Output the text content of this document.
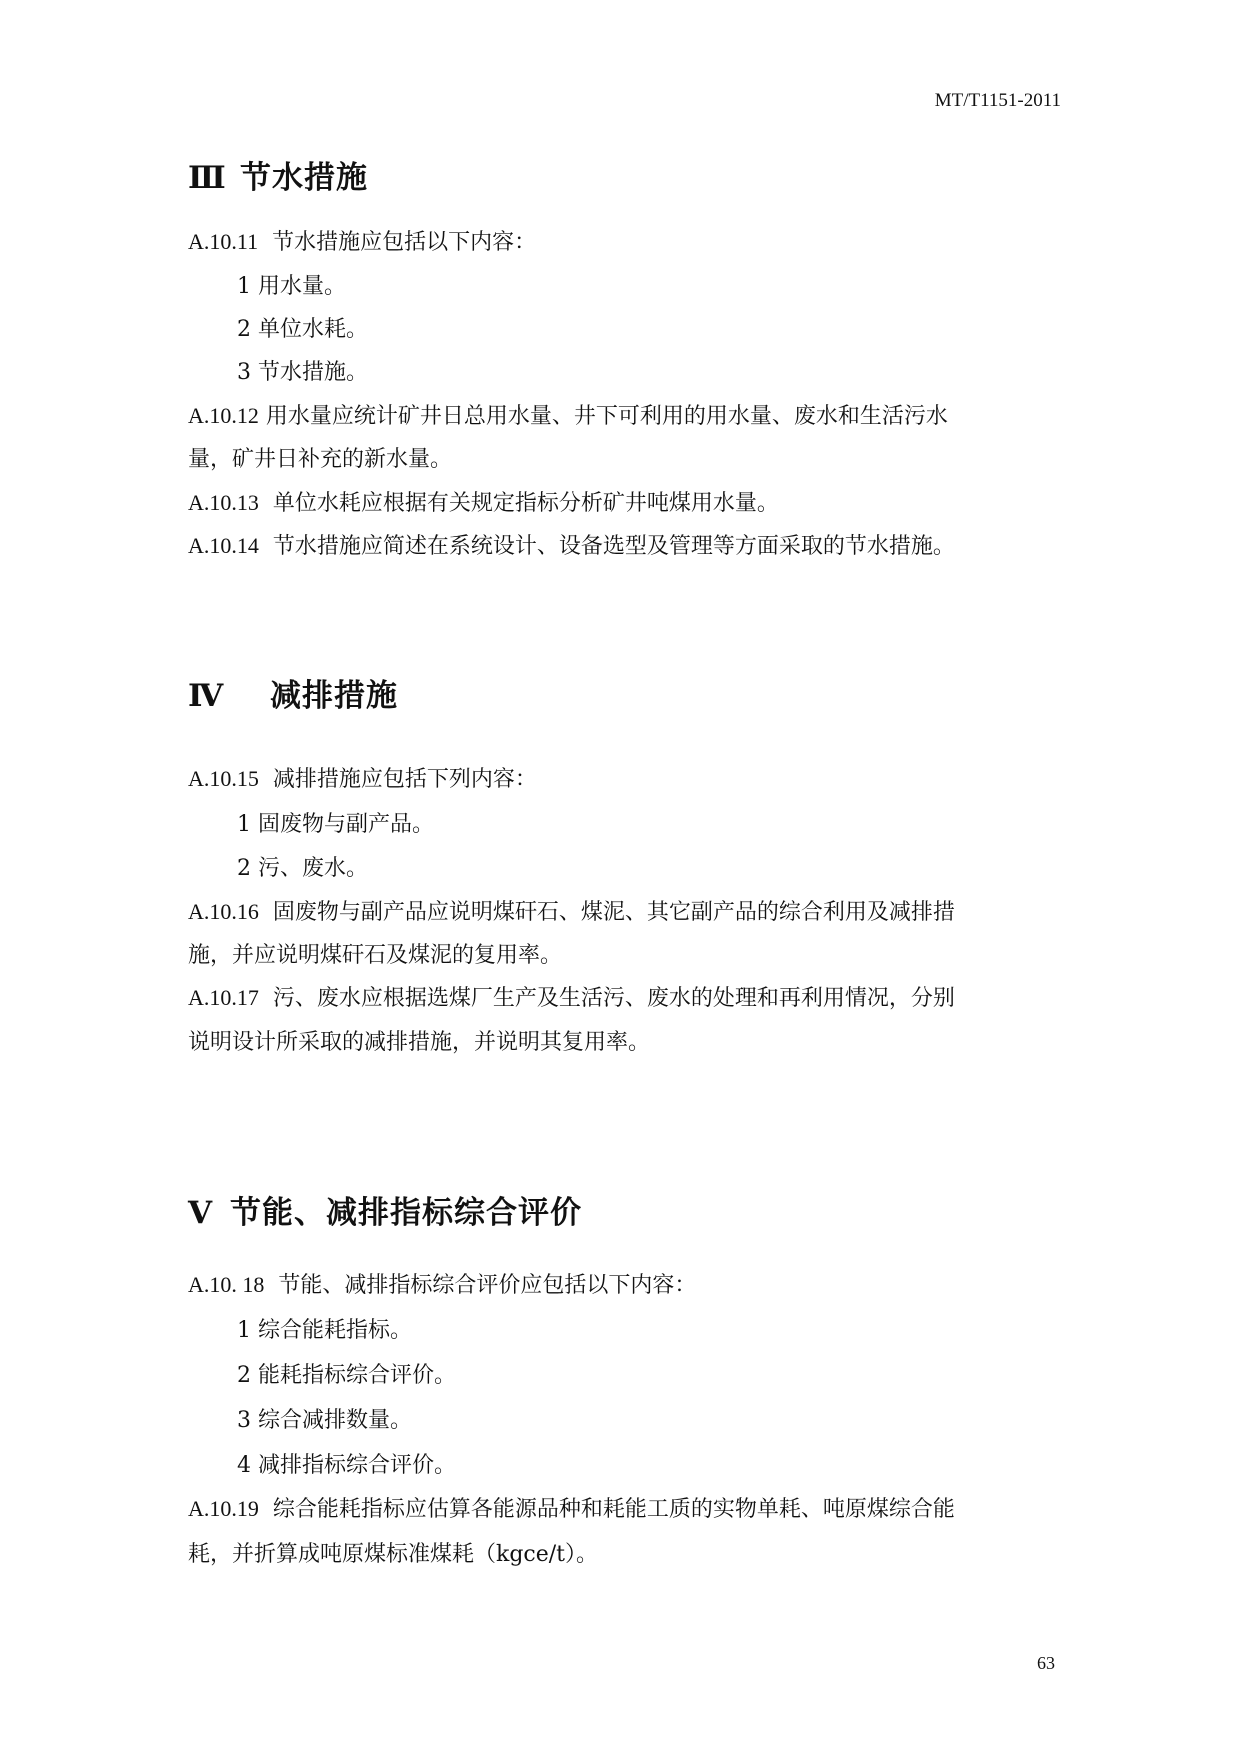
MT/T1151-2011
Ⅲ 节水措施
A.10.11 节水措施应包括以下内容：
1 用水量。
2 单位水耗。
3 节水措施。
A.10.12 用水量应统计矿井日总用水量、井下可利用的用水量、废水和生活污水
量，矿井日补充的新水量。
A.10.13 单位水耗应根据有关规定指标分析矿井吨煤用水量。
A.10.14 节水措施应简述在系统设计、设备选型及管理等方面采取的节水措施。
Ⅳ 减排措施
A.10.15 减排措施应包括下列内容：
1 固废物与副产品。
2 污、废水。
A.10.16 固废物与副产品应说明煤矸石、煤泥、其它副产品的综合利用及减排措
施，并应说明煤矸石及煤泥的复用率。
A.10.17 污、废水应根据选煤厂生产及生活污、废水的处理和再利用情况，分别
说明设计所采取的减排措施，并说明其复用率。
V 节能、减排指标综合评价
A.10. 18 节能、减排指标综合评价应包括以下内容：
1 综合能耗指标。
2 能耗指标综合评价。
3 综合减排数量。
4 减排指标综合评价。
A.10.19 综合能耗指标应估算各能源品种和耗能工质的实物单耗、吨原煤综合能
耗，并折算成吨原煤标准煤耗（kgce/t）。
63
